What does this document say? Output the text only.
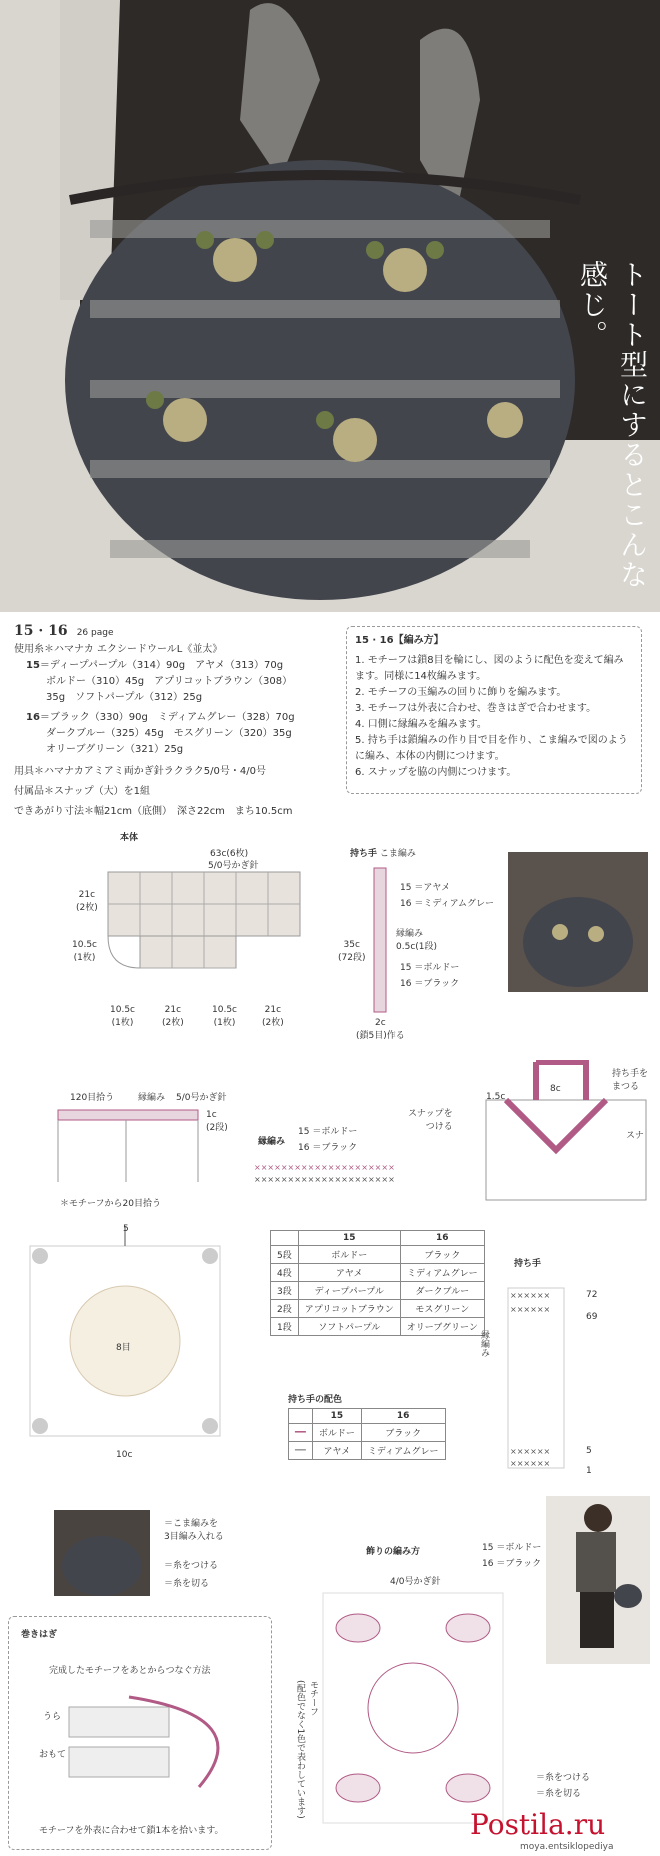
トート型にするとこんな感じ。
15 · 16 26 page
使用糸＊ハマナカ エクシードウールL《並太》
15＝ディープパープル（314）90g　アヤメ（313）70g
ボルドー（310）45g　アプリコットブラウン（308）
35g　ソフトパープル（312）25g
16＝ブラック（330）90g　ミディアムグレー（328）70g
ダークブルー（325）45g　モスグリーン（320）35g
オリーブグリーン（321）25g
用具＊ハマナカアミアミ両かぎ針ラクラク5/0号・4/0号
付属品＊スナップ（大）を1組
できあがり寸法＊幅21cm（底側）　深さ22cm　まち10.5cm
15 · 16【編み方】
1. モチーフは鎖8目を輪にし、図のように配色を変えて編みます。同様に14枚編みます。
2. モチーフの玉編みの回りに飾りを編みます。
3. モチーフは外表に合わせ、巻きはぎで合わせます。
4. 口側に縁編みを編みます。
5. 持ち手は鎖編みの作り目で目を作り、こま編みで図のように編み、本体の内側につけます。
6. スナップを脇の内側につけます。
本体
63c(6枚)
5/0号かぎ針
21c
(2枚)
10.5c
(1枚)
10.5c
(1枚)
21c
(2枚)
10.5c
(1枚)
21c
(2枚)
持ち手 こま編み
35c
(72段)
15 ＝アヤメ
16 ＝ミディアムグレー
縁編み
0.5c(1段)
15 ＝ボルドー
16 ＝ブラック
2c
(鎖5目)作る
120目拾う	縁編み 5/0号かぎ針
1c
(2段)
＊モチーフから20目拾う
縁編み
15 ＝ボルドー
16 ＝ブラック
×××××××××××××××××××××
×××××××××××××××××××××
1.5c
8c
スナップを
つける
持ち手を
まつる
スナ
5
8目
10c
	15	16
5段	ボルドー	ブラック
4段	アヤメ	ミディアムグレー
3段	ディープパープル	ダークブルー
2段	アプリコットブラウン	モスグリーン
1段	ソフトパープル	オリーブグリーン
持ち手の配色
	15	16
━━	ボルドー	ブラック
──	アヤメ	ミディアムグレー
持ち手
××××××
××××××
××××××
××××××
72
69
5
1
縁編み
＝こま編みを
3目編み入れる
＝糸をつける
＝糸を切る
飾りの編み方	15 ＝ボルドー
16 ＝ブラック
4/0号かぎ針
モチーフ
(配色でなく1色で表わしています)	＝糸をつける
＝糸を切る
巻きはぎ
完成したモチーフをあとからつなぐ方法
うら
おもて
モチーフを外表に合わせて鎖1本を拾います。	Postila.ru
moya.entsiklopediya
